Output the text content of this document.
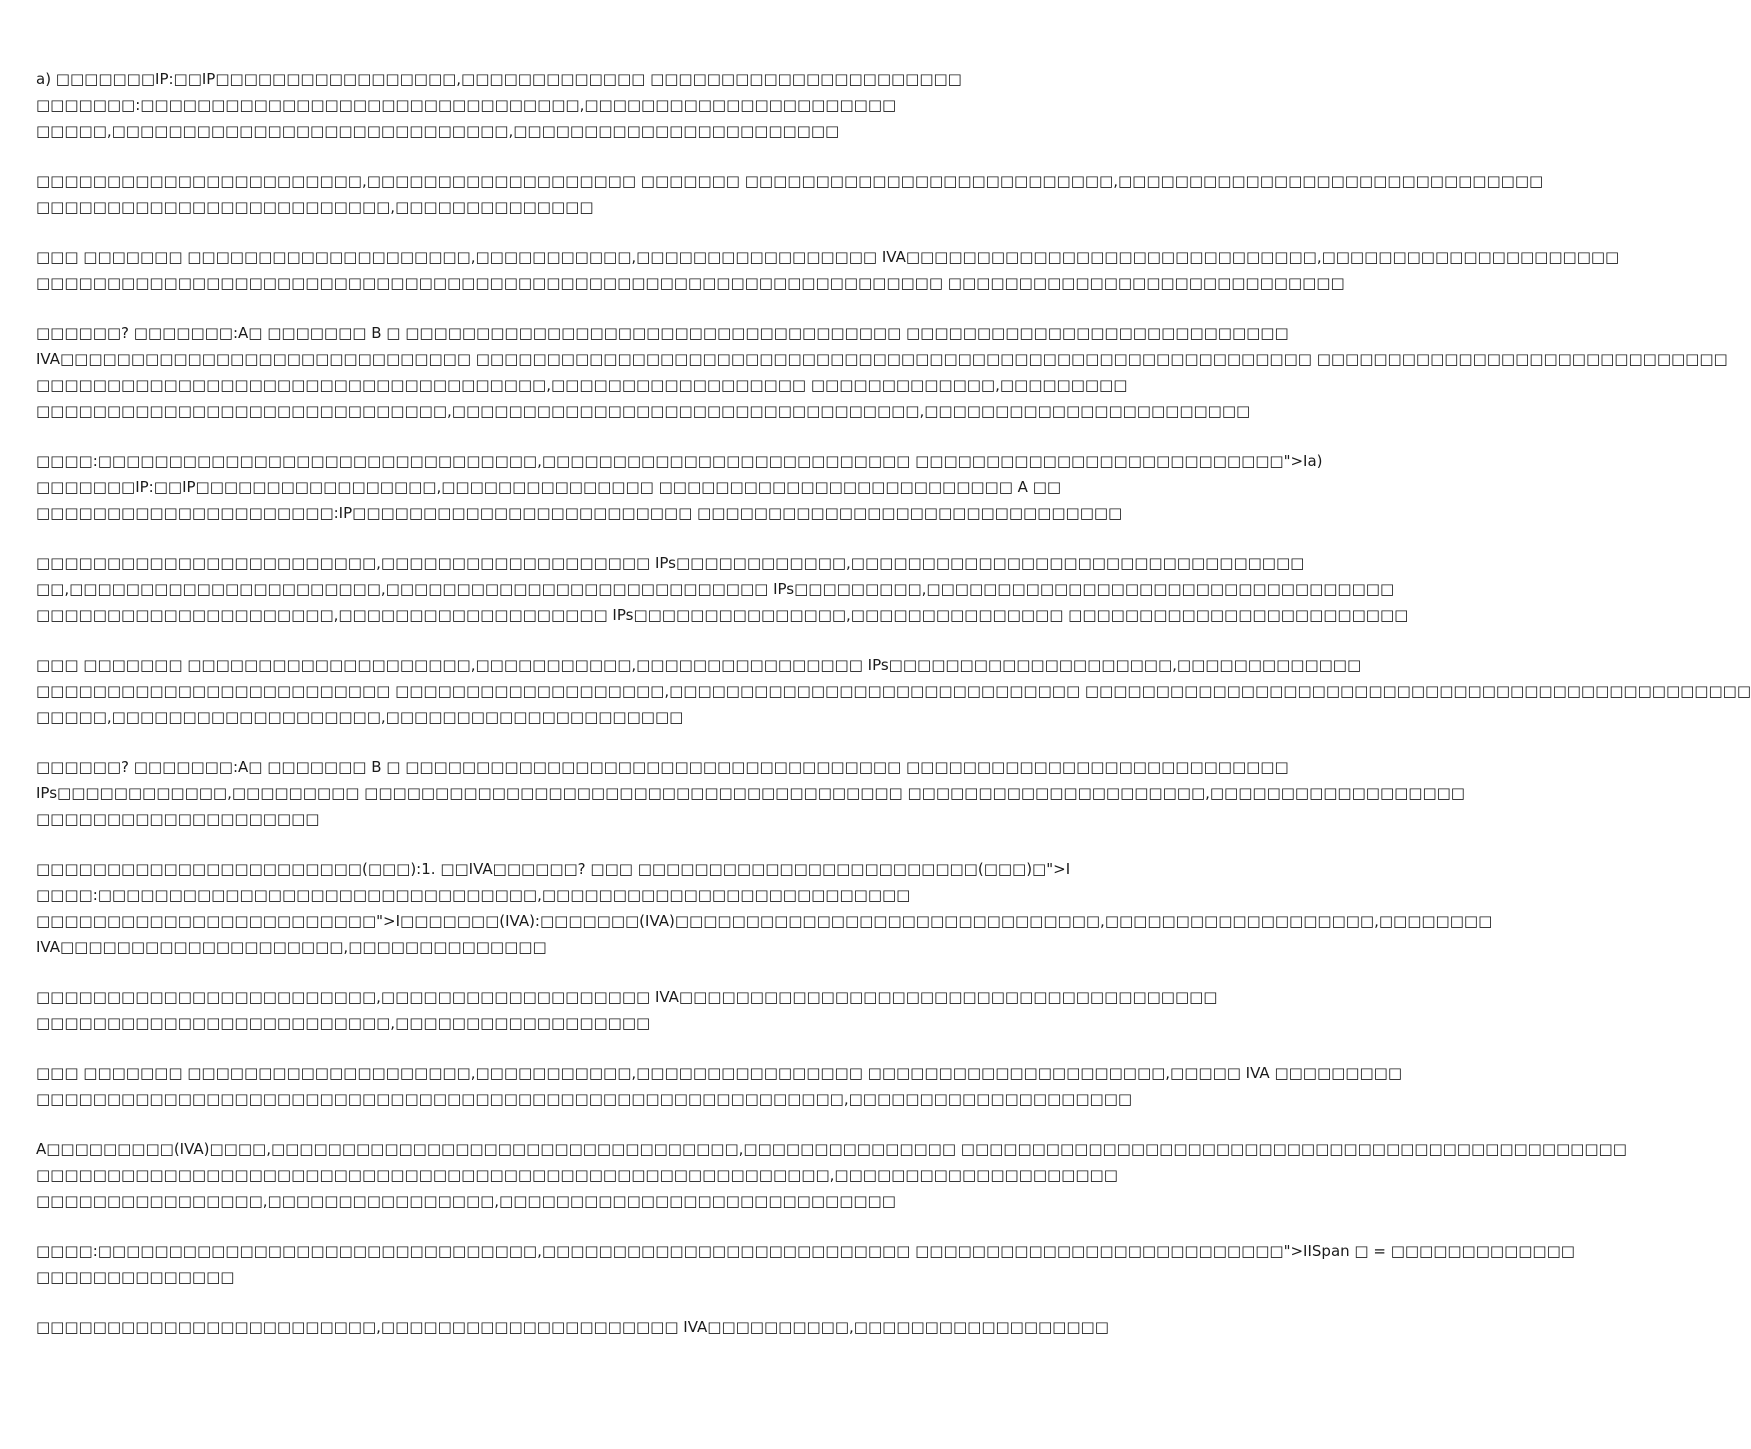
a) □□□□□□□IP:□□IP□□□□□□□□□□□□□□□□□,□□□□□□□□□□□□□ □□□□□□□□□□□□□□□□□□□□□□
□□□□□□□:□□□□□□□□□□□□□□□□□□□□□□□□□□□□□□□,□□□□□□□□□□□□□□□□□□□□□□
□□□□□,□□□□□□□□□□□□□□□□□□□□□□□□□□□□,□□□□□□□□□□□□□□□□□□□□□□□
□□□□□□□□□□□□□□□□□□□□□□□,□□□□□□□□□□□□□□□□□□□ □□□□□□□ □□□□□□□□□□□□□□□□□□□□□□□□□□,□□□□□□□□□□□□□□□□□□□□□□□□□□□□□□
□□□□□□□□□□□□□□□□□□□□□□□□□,□□□□□□□□□□□□□□
□□□ □□□□□□□ □□□□□□□□□□□□□□□□□□□□,□□□□□□□□□□□,□□□□□□□□□□□□□□□□□ IVA□□□□□□□□□□□□□□□□□□□□□□□□□□□□□,□□□□□□□□□□□□□□□□□□□□□
□□□□□□□□□□□□□□□□□□□□□□□□□□□□□□□□□□□□□□□□□□□□□□□□□□□□□□□□□□□□□□□□ □□□□□□□□□□□□□□□□□□□□□□□□□□□□
□□□□□□? □□□□□□□:A□ □□□□□□□ B □ □□□□□□□□□□□□□□□□□□□□□□□□□□□□□□□□□□□ □□□□□□□□□□□□□□□□□□□□□□□□□□□
IVA□□□□□□□□□□□□□□□□□□□□□□□□□□□□□ □□□□□□□□□□□□□□□□□□□□□□□□□□□□□□□□□□□□□□□□□□□□□□□□□□□□□□□□□□□ □□□□□□□□□□□□□□□□□□□□□□□□□□□□□
□□□□□□□□□□□□□□□□□□□□□□□□□□□□□□□□□□□□,□□□□□□□□□□□□□□□□□□ □□□□□□□□□□□□□,□□□□□□□□□
□□□□□□□□□□□□□□□□□□□□□□□□□□□□□,□□□□□□□□□□□□□□□□□□□□□□□□□□□□□□□□□,□□□□□□□□□□□□□□□□□□□□□□□
□□□□:□□□□□□□□□□□□□□□□□□□□□□□□□□□□□□□,□□□□□□□□□□□□□□□□□□□□□□□□□□ □□□□□□□□□□□□□□□□□□□□□□□□□□">Ia)
□□□□□□□IP:□□IP□□□□□□□□□□□□□□□□□,□□□□□□□□□□□□□□□ □□□□□□□□□□□□□□□□□□□□□□□□□ A □□
□□□□□□□□□□□□□□□□□□□□□:IP□□□□□□□□□□□□□□□□□□□□□□□□ □□□□□□□□□□□□□□□□□□□□□□□□□□□□□□
□□□□□□□□□□□□□□□□□□□□□□□□,□□□□□□□□□□□□□□□□□□□ IPs□□□□□□□□□□□□,□□□□□□□□□□□□□□□□□□□□□□□□□□□□□□□□
□□,□□□□□□□□□□□□□□□□□□□□□□,□□□□□□□□□□□□□□□□□□□□□□□□□□□ IPs□□□□□□□□□,□□□□□□□□□□□□□□□□□□□□□□□□□□□□□□□□□
□□□□□□□□□□□□□□□□□□□□□,□□□□□□□□□□□□□□□□□□□ IPs□□□□□□□□□□□□□□□,□□□□□□□□□□□□□□□ □□□□□□□□□□□□□□□□□□□□□□□□
□□□ □□□□□□□ □□□□□□□□□□□□□□□□□□□□,□□□□□□□□□□□,□□□□□□□□□□□□□□□□ IPs□□□□□□□□□□□□□□□□□□□□,□□□□□□□□□□□□□
□□□□□□□□□□□□□□□□□□□□□□□□□ □□□□□□□□□□□□□□□□□□□,□□□□□□□□□□□□□□□□□□□□□□□□□□□□□ □□□□□□□□□□□□□□□□□□□□□□□□□□□□□□□□□□□□□□□□□□□□□□□
□□□□□,□□□□□□□□□□□□□□□□□□□,□□□□□□□□□□□□□□□□□□□□□
□□□□□□? □□□□□□□:A□ □□□□□□□ B □ □□□□□□□□□□□□□□□□□□□□□□□□□□□□□□□□□□□ □□□□□□□□□□□□□□□□□□□□□□□□□□□
IPs□□□□□□□□□□□□,□□□□□□□□□ □□□□□□□□□□□□□□□□□□□□□□□□□□□□□□□□□□□□□□ □□□□□□□□□□□□□□□□□□□□□,□□□□□□□□□□□□□□□□□□
□□□□□□□□□□□□□□□□□□□□
□□□□□□□□□□□□□□□□□□□□□□□(□□□):1. □□IVA□□□□□□? □□□ □□□□□□□□□□□□□□□□□□□□□□□□(□□□)□">I
□□□□:□□□□□□□□□□□□□□□□□□□□□□□□□□□□□□□,□□□□□□□□□□□□□□□□□□□□□□□□□□
□□□□□□□□□□□□□□□□□□□□□□□□">I□□□□□□□(IVA):□□□□□□□(IVA)□□□□□□□□□□□□□□□□□□□□□□□□□□□□□□,□□□□□□□□□□□□□□□□□□□,□□□□□□□□
IVA□□□□□□□□□□□□□□□□□□□□,□□□□□□□□□□□□□□
□□□□□□□□□□□□□□□□□□□□□□□□,□□□□□□□□□□□□□□□□□□□ IVA□□□□□□□□□□□□□□□□□□□□□□□□□□□□□□□□□□□□□□
□□□□□□□□□□□□□□□□□□□□□□□□□,□□□□□□□□□□□□□□□□□□
□□□ □□□□□□□ □□□□□□□□□□□□□□□□□□□□,□□□□□□□□□□□,□□□□□□□□□□□□□□□□ □□□□□□□□□□□□□□□□□□□□□,□□□□□ IVA □□□□□□□□□
□□□□□□□□□□□□□□□□□□□□□□□□□□□□□□□□□□□□□□□□□□□□□□□□□□□□□□□□□,□□□□□□□□□□□□□□□□□□□□
A□□□□□□□□□(IVA)□□□□,□□□□□□□□□□□□□□□□□□□□□□□□□□□□□□□□□,□□□□□□□□□□□□□□□ □□□□□□□□□□□□□□□□□□□□□□□□□□□□□□□□□□□□□□□□□□□□□□□
□□□□□□□□□□□□□□□□□□□□□□□□□□□□□□□□□□□□□□□□□□□□□□□□□□□□□□□□,□□□□□□□□□□□□□□□□□□□□
□□□□□□□□□□□□□□□□,□□□□□□□□□□□□□□□□,□□□□□□□□□□□□□□□□□□□□□□□□□□□□
□□□□:□□□□□□□□□□□□□□□□□□□□□□□□□□□□□□□,□□□□□□□□□□□□□□□□□□□□□□□□□□ □□□□□□□□□□□□□□□□□□□□□□□□□□">IISpan □ = □□□□□□□□□□□□□
□□□□□□□□□□□□□□
□□□□□□□□□□□□□□□□□□□□□□□□,□□□□□□□□□□□□□□□□□□□□□ IVA□□□□□□□□□□,□□□□□□□□□□□□□□□□□□
